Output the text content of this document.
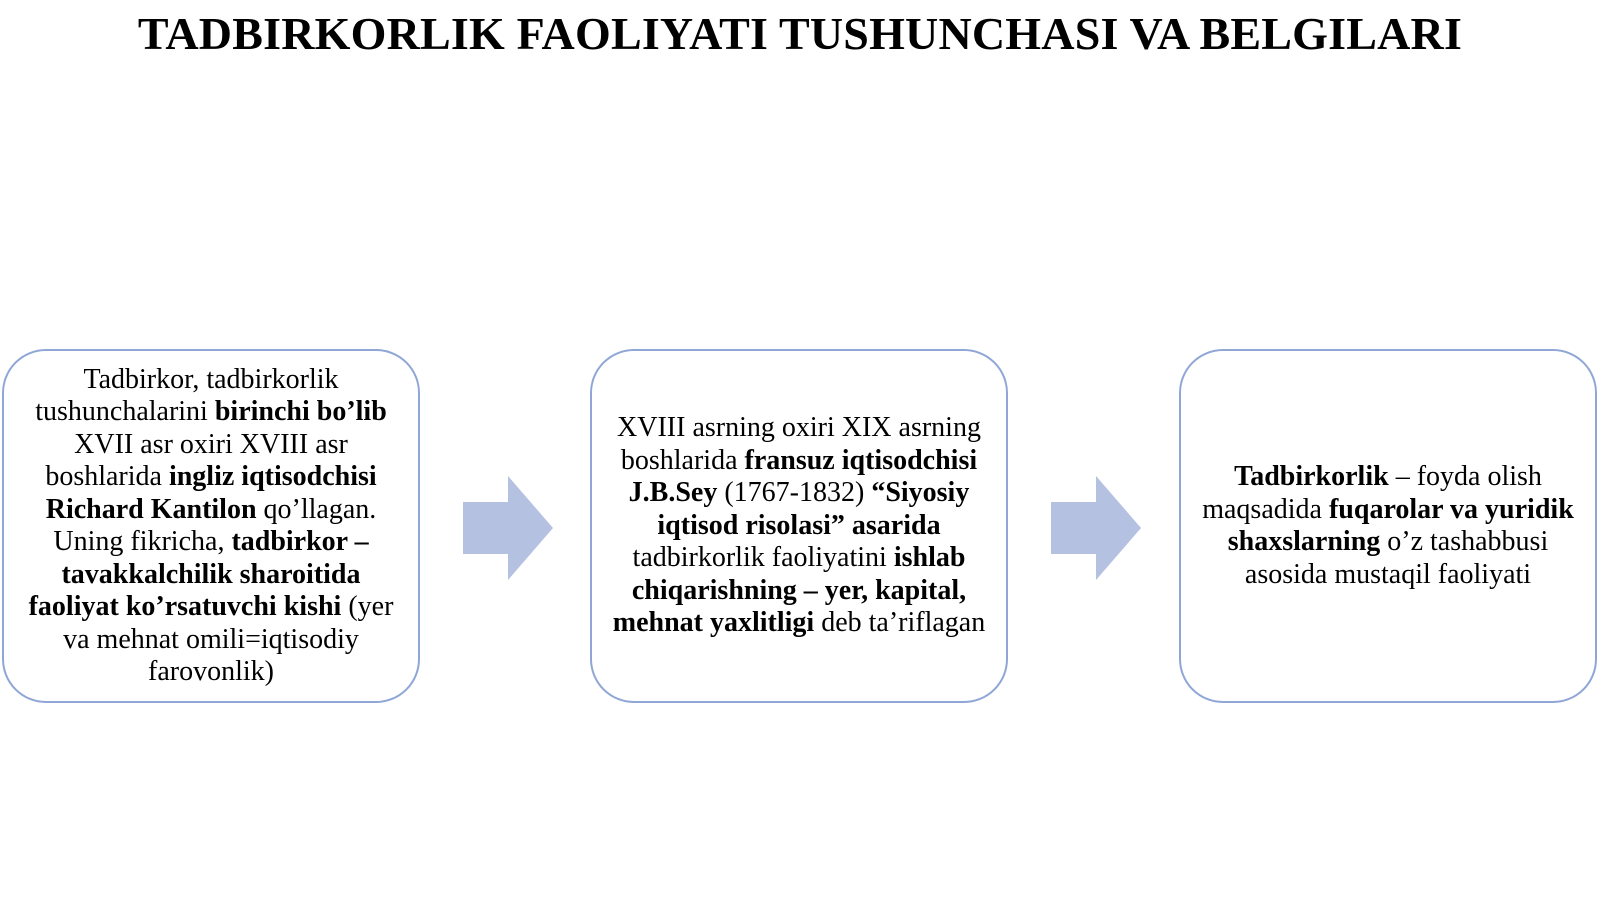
TADBIRKORLIK FAOLIYATI TUSHUNCHASI VA BELGILARI
Tadbirkor, tadbirkorlik tushunchalarini birinchi bo’lib XVII asr oxiri XVIII asr boshlarida ingliz iqtisodchisi Richard Kantilon qo’llagan. Uning fikricha, tadbirkor – tavakkalchilik sharoitida faoliyat ko’rsatuvchi kishi (yer va mehnat omili=iqtisodiy farovonlik)
XVIII asrning oxiri XIX asrning boshlarida fransuz iqtisodchisi J.B.Sey (1767-1832) “Siyosiy iqtisod risolasi” asarida tadbirkorlik faoliyatini ishlab chiqarishning – yer, kapital, mehnat yaxlitligi deb ta’riflagan
Tadbirkorlik – foyda olish maqsadida fuqarolar va yuridik shaxslarning o’z tashabbusi asosida mustaqil faoliyati
